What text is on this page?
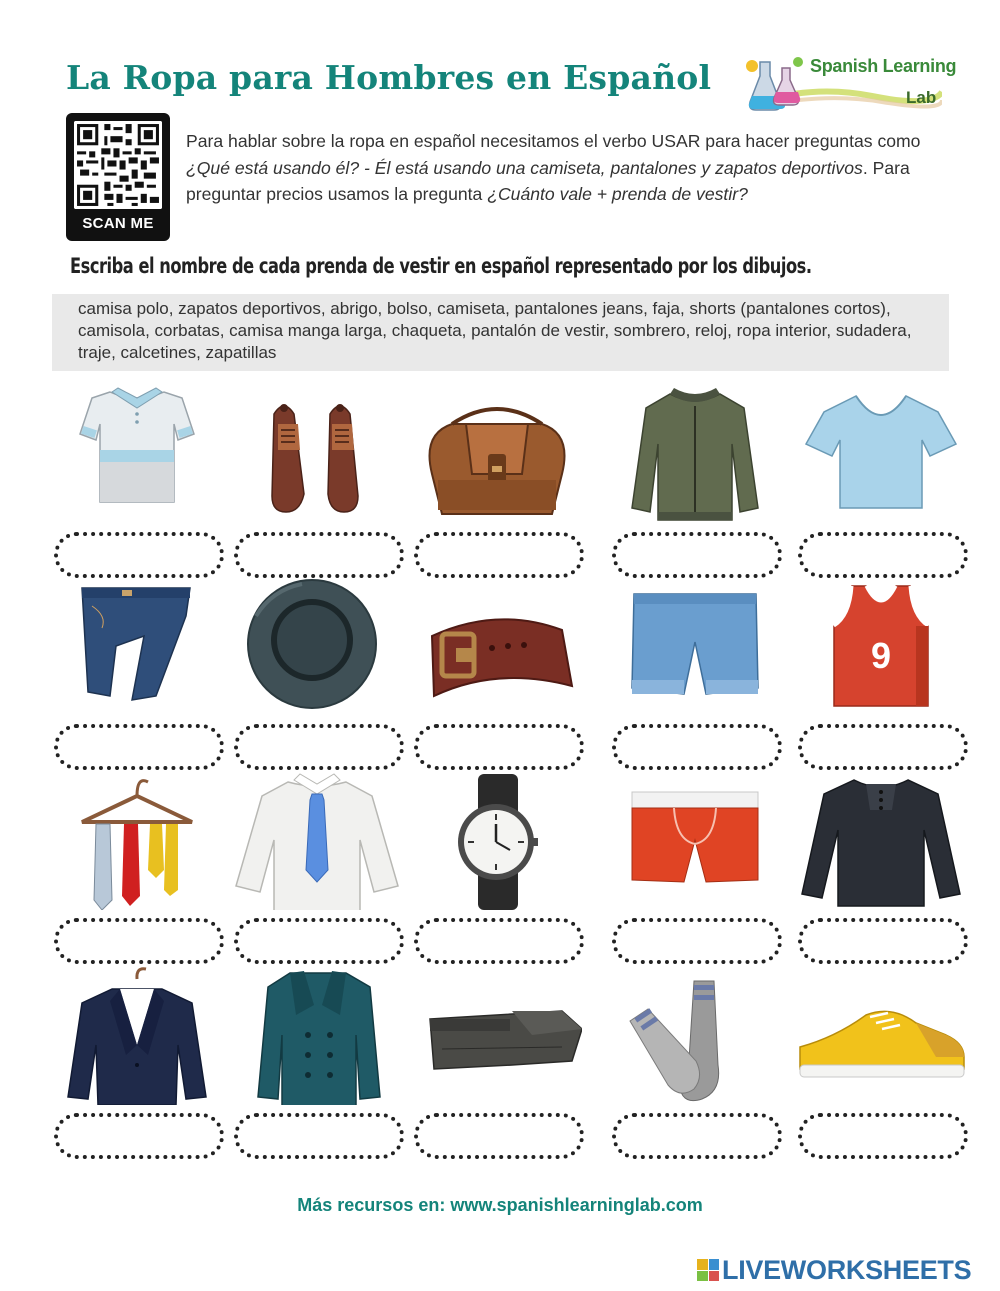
La Ropa para Hombres en Español	Spanish Learning
Lab
SCAN ME
Para hablar sobre la ropa en español necesitamos el verbo USAR para hacer preguntas como ¿Qué está usando él? - Él está usando una camiseta, pantalones y zapatos deportivos. Para preguntar precios usamos la pregunta ¿Cuánto vale + prenda de vestir?
Escriba el nombre de cada prenda de vestir en español representado por los dibujos.
camisa polo, zapatos deportivos, abrigo, bolso, camiseta, pantalones jeans, faja, shorts (pantalones cortos), camisola, corbatas, camisa manga larga, chaqueta, pantalón de vestir, sombrero, reloj, ropa interior, sudadera, traje, calcetines, zapatillas
9
Más recursos en: www.spanishlearninglab.com
LIVEWORKSHEETS
